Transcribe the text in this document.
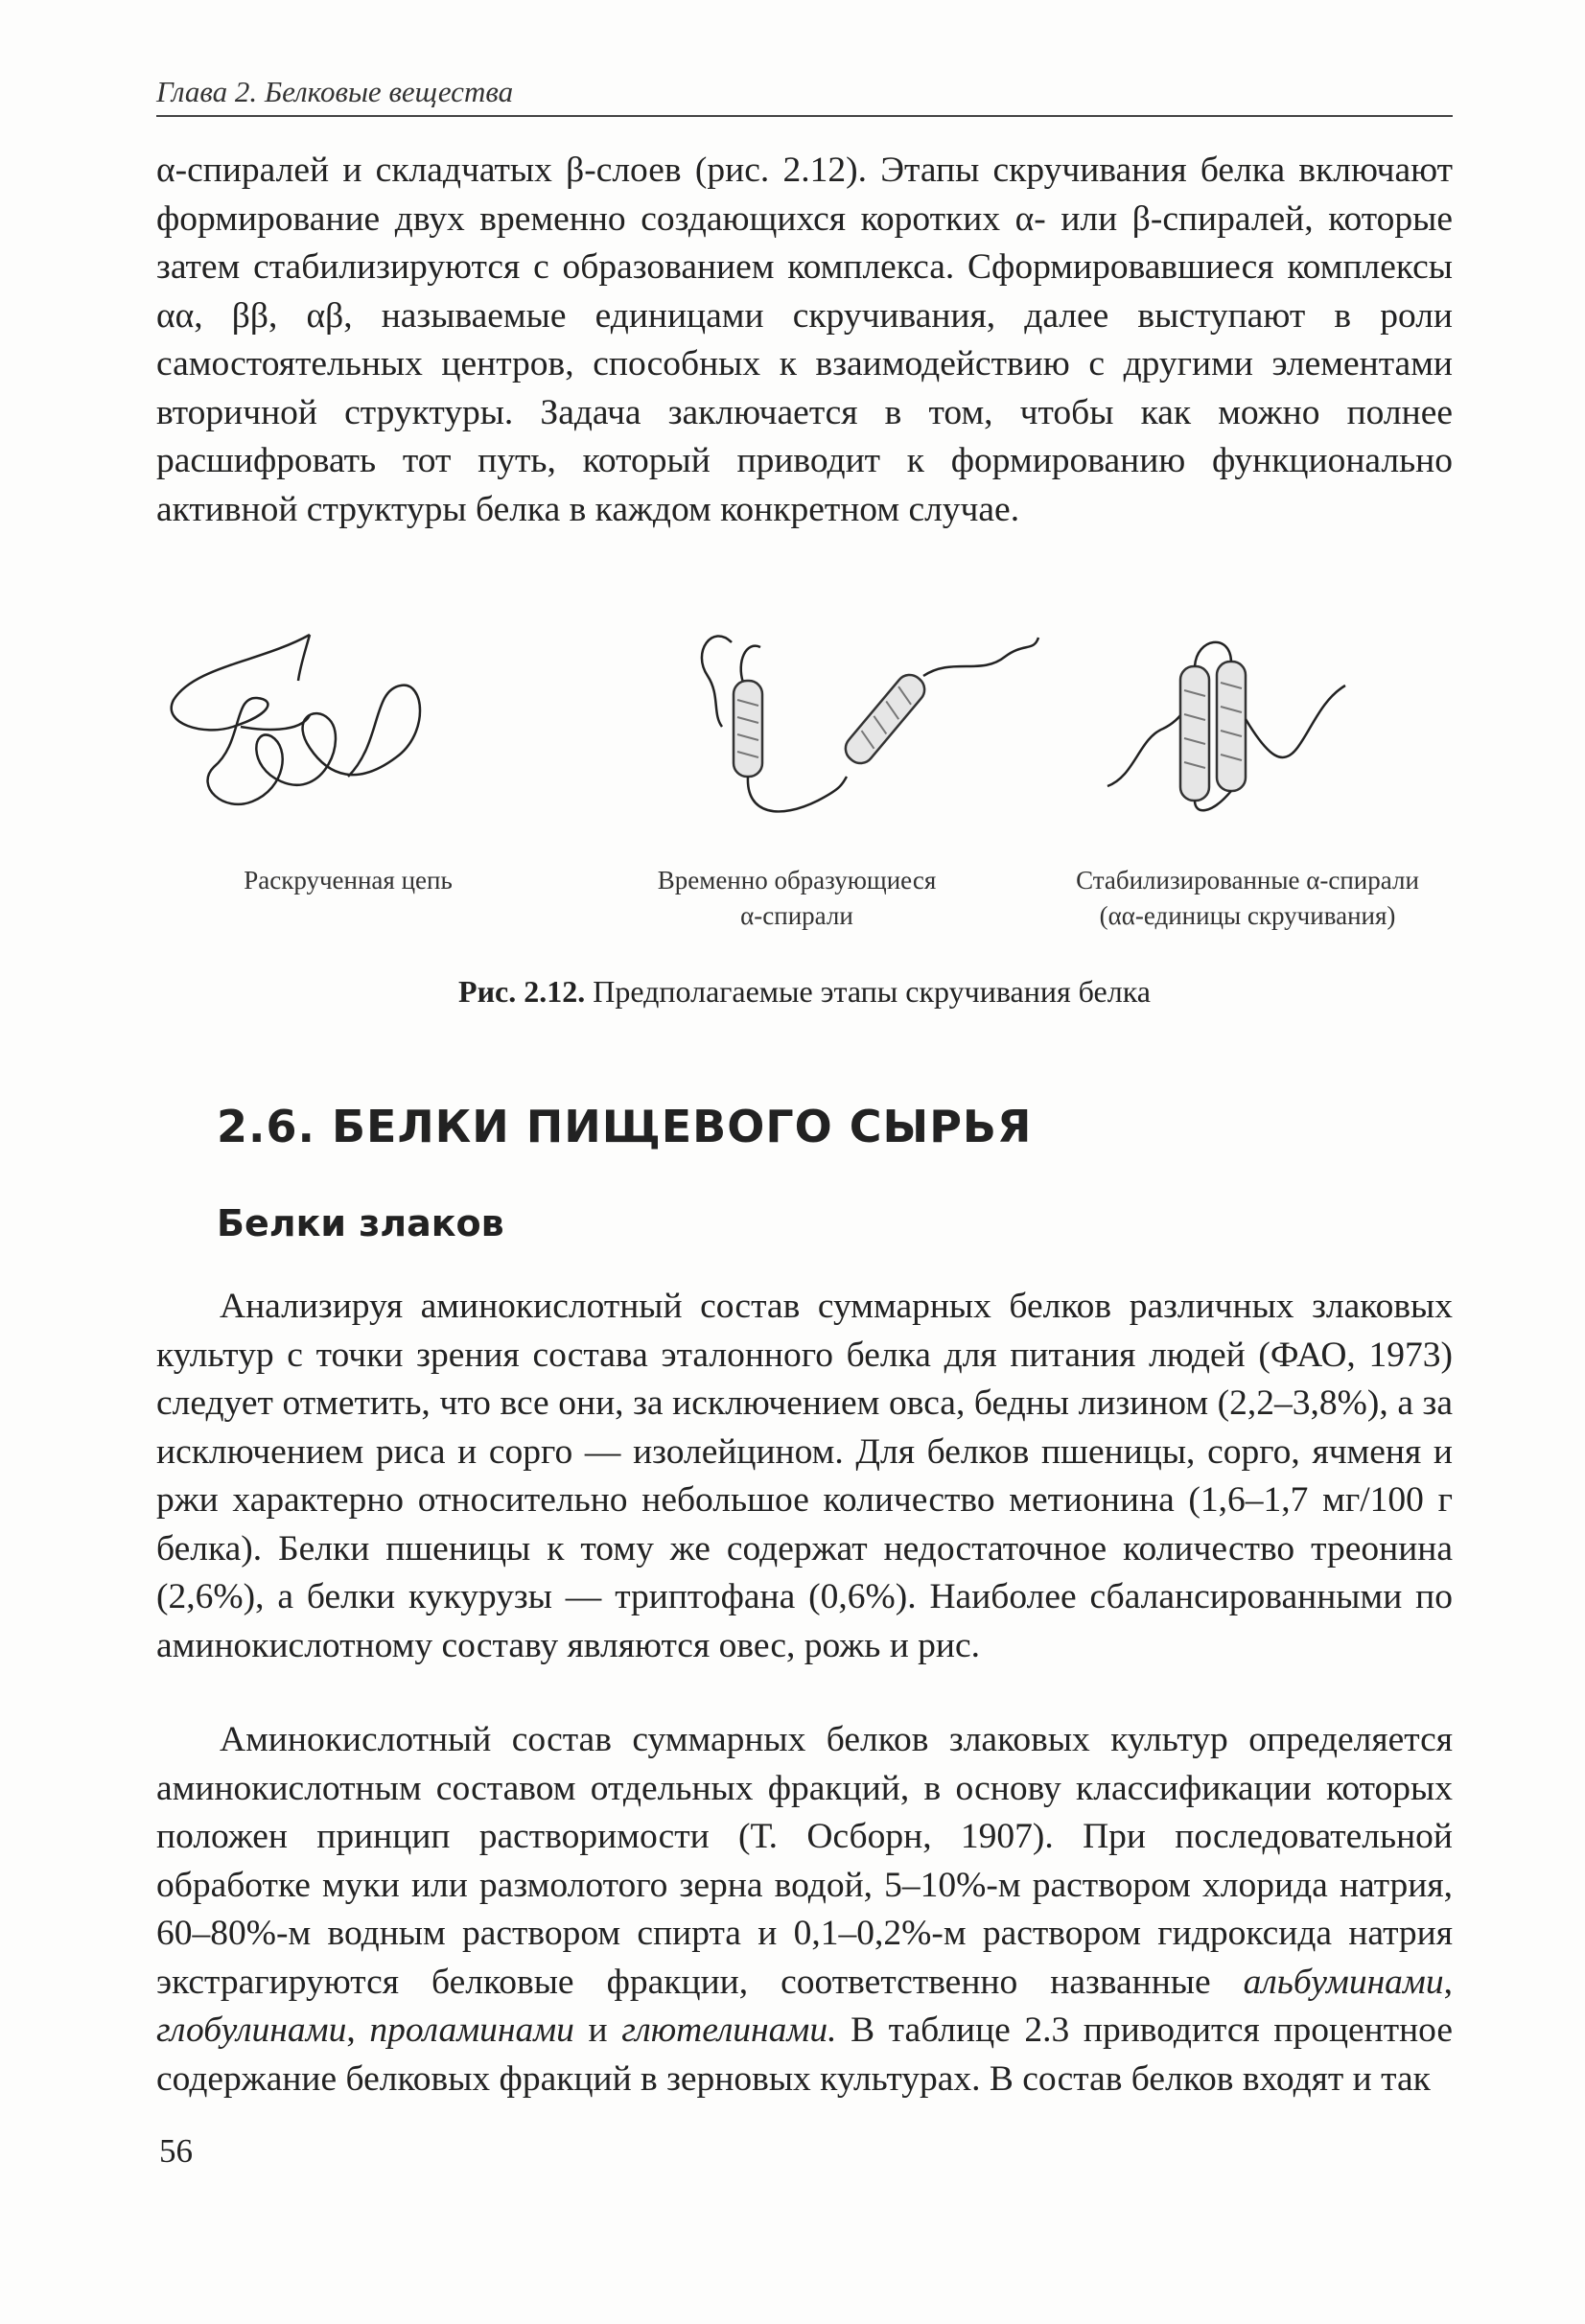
Глава 2. Белковые вещества

α-спиралей и складчатых β-слоев (рис. 2.12). Этапы скручивания белка включают формирование двух временно создающихся коротких α- или β-спиралей, которые затем стабилизируются с образованием комплекса. Сформировавшиеся комплексы αα, ββ, αβ, называемые единицами скручивания, далее выступают в роли самостоятельных центров, способных к взаимодействию с другими элементами вторичной структуры. Задача заключается в том, чтобы как можно полнее расшифровать тот путь, который приводит к формированию функционально активной структуры белка в каждом конкретном случае.

Раскрученная цепь	Временно образующиеся
α-спирали
Стабилизированные α-спирали
(αα-единицы скручивания)
Рис. 2.12. Предполагаемые этапы скручивания белка
2.6. БЕЛКИ ПИЩЕВОГО СЫРЬЯ
Белки злаков

Анализируя аминокислотный состав суммарных белков различных злаковых культур с точки зрения состава эталонного белка для питания людей (ФАО, 1973) следует отметить, что все они, за исключением овса, бедны лизином (2,2–3,8%), а за исключением риса и сорго — изолейцином. Для белков пшеницы, сорго, ячменя и ржи характерно относительно небольшое количество метионина (1,6–1,7 мг/100 г белка). Белки пшеницы к тому же содержат недостаточное количество треонина (2,6%), а белки кукурузы — триптофана (0,6%). Наиболее сбалансированными по аминокислотному составу являются овес, рожь и рис.

Аминокислотный состав суммарных белков злаковых культур определяется аминокислотным составом отдельных фракций, в основу классификации которых положен принцип растворимости (Т. Осборн, 1907). При последовательной обработке муки или размолотого зерна водой, 5–10%-м раствором хлорида натрия, 60–80%-м водным раствором спирта и 0,1–0,2%-м раствором гидроксида натрия экстрагируются белковые фракции, соответственно названные альбуминами, глобулинами, проламинами и глютелинами. В таблице 2.3 приводится процентное содержание белковых фракций в зерновых культурах. В состав белков входят и так

56
